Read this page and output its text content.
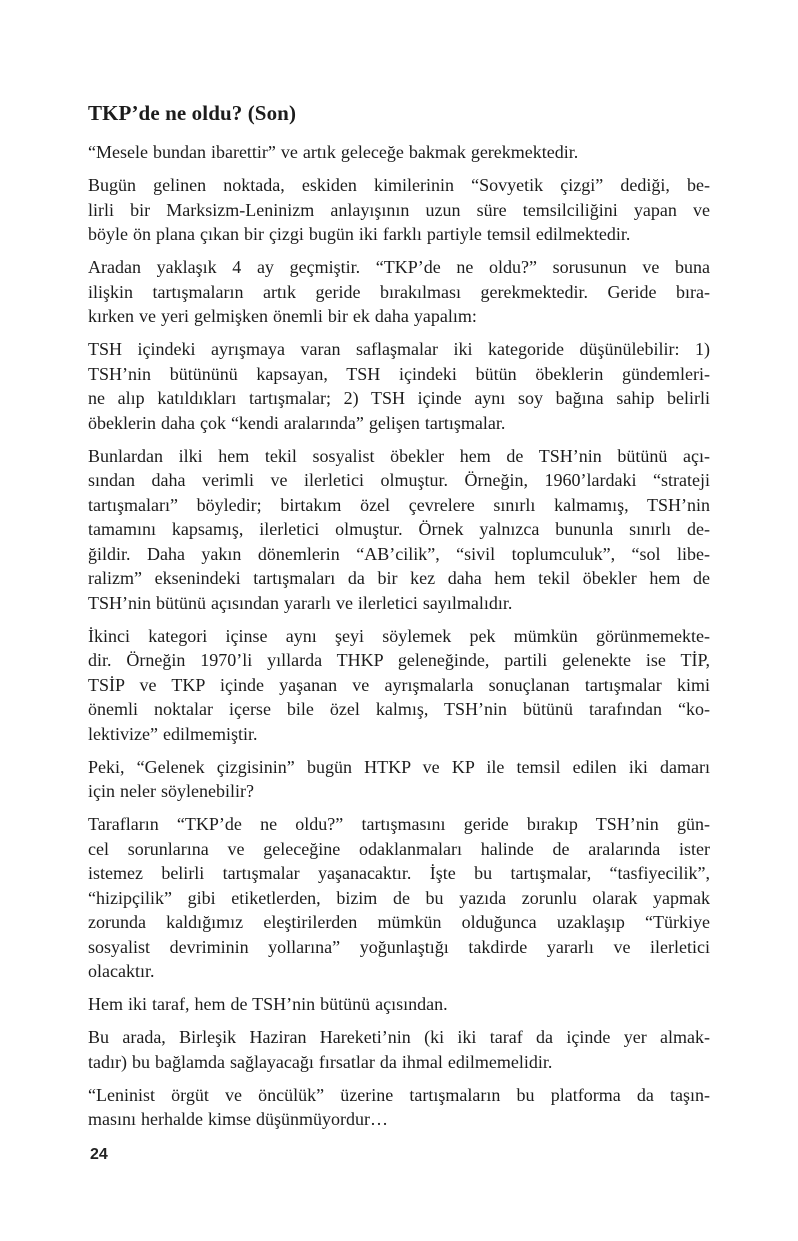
TKP’de ne oldu? (Son)
“Mesele bundan ibarettir” ve artık geleceğe bakmak gerekmektedir.
Bugün gelinen noktada, eskiden kimilerinin “Sovyetik çizgi” dediği, be-
lirli bir Marksizm-Leninizm anlayışının uzun süre temsilciliğini yapan ve
böyle ön plana çıkan bir çizgi bugün iki farklı partiyle temsil edilmektedir.
Aradan yaklaşık 4 ay geçmiştir. “TKP’de ne oldu?” sorusunun ve buna
ilişkin tartışmaların artık geride bırakılması gerekmektedir. Geride bıra-
kırken ve yeri gelmişken önemli bir ek daha yapalım:
TSH içindeki ayrışmaya varan saflaşmalar iki kategoride düşünülebilir: 1)
TSH’nin bütününü kapsayan, TSH içindeki bütün öbeklerin gündemleri-
ne alıp katıldıkları tartışmalar; 2) TSH içinde aynı soy bağına sahip belirli
öbeklerin daha çok “kendi aralarında” gelişen tartışmalar.
Bunlardan ilki hem tekil sosyalist öbekler hem de TSH’nin bütünü açı-
sından daha verimli ve ilerletici olmuştur. Örneğin, 1960’lardaki “strateji
tartışmaları” böyledir; birtakım özel çevrelere sınırlı kalmamış, TSH’nin
tamamını kapsamış, ilerletici olmuştur. Örnek yalnızca bununla sınırlı de-
ğildir. Daha yakın dönemlerin “AB’cilik”, “sivil toplumculuk”, “sol libe-
ralizm” eksenindeki tartışmaları da bir kez daha hem tekil öbekler hem de
TSH’nin bütünü açısından yararlı ve ilerletici sayılmalıdır.
İkinci kategori içinse aynı şeyi söylemek pek mümkün görünmemekte-
dir. Örneğin 1970’li yıllarda THKP geleneğinde, partili gelenekte ise TİP,
TSİP ve TKP içinde yaşanan ve ayrışmalarla sonuçlanan tartışmalar kimi
önemli noktalar içerse bile özel kalmış, TSH’nin bütünü tarafından “ko-
lektivize” edilmemiştir.
Peki, “Gelenek çizgisinin” bugün HTKP ve KP ile temsil edilen iki damarı
için neler söylenebilir?
Tarafların “TKP’de ne oldu?” tartışmasını geride bırakıp TSH’nin gün-
cel sorunlarına ve geleceğine odaklanmaları halinde de aralarında ister
istemez belirli tartışmalar yaşanacaktır. İşte bu tartışmalar, “tasfiyecilik”,
“hizipçilik” gibi etiketlerden, bizim de bu yazıda zorunlu olarak yapmak
zorunda kaldığımız eleştirilerden mümkün olduğunca uzaklaşıp “Türkiye
sosyalist devriminin yollarına” yoğunlaştığı takdirde yararlı ve ilerletici
olacaktır.
Hem iki taraf, hem de TSH’nin bütünü açısından.
Bu arada, Birleşik Haziran Hareketi’nin (ki iki taraf da içinde yer almak-
tadır) bu bağlamda sağlayacağı fırsatlar da ihmal edilmemelidir.
“Leninist örgüt ve öncülük” üzerine tartışmaların bu platforma da taşın-
masını herhalde kimse düşünmüyordur…
24
